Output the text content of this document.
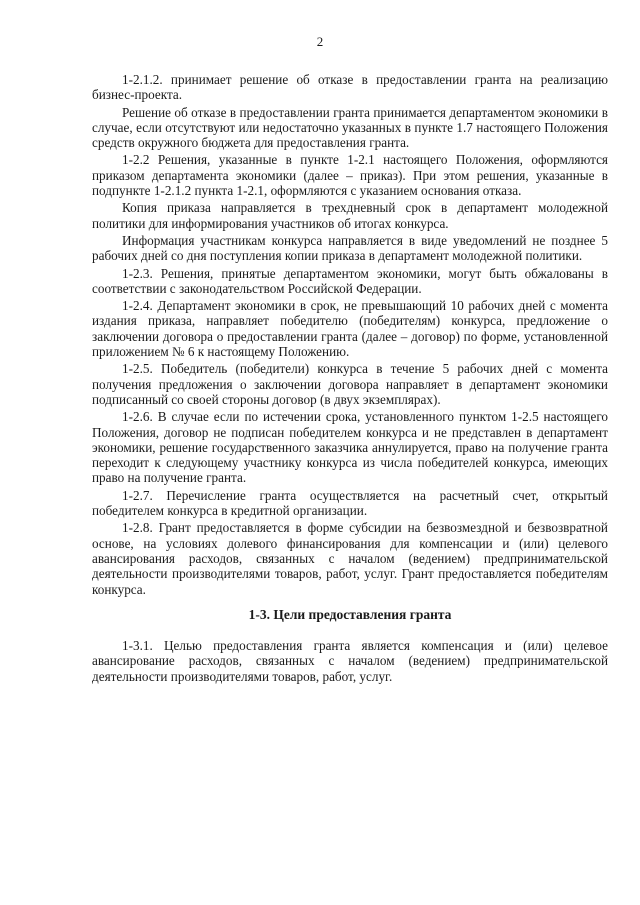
2

1-2.1.2. принимает решение об отказе в предоставлении гранта на реализацию бизнес-проекта.

Решение об отказе в предоставлении гранта принимается департаментом экономики в случае, если отсутствуют или недостаточно указанных в пункте 1.7 настоящего Положения средств окружного бюджета для предоставления гранта.

1-2.2 Решения, указанные в пункте 1-2.1 настоящего Положения, оформляются приказом департамента экономики (далее – приказ). При этом решения, указанные в подпункте 1-2.1.2 пункта 1-2.1, оформляются с указанием основания отказа.

Копия приказа направляется в трехдневный срок в департамент молодежной политики для информирования участников об итогах конкурса.

Информация участникам конкурса направляется в виде уведомлений не позднее 5 рабочих дней со дня поступления копии приказа в департамент молодежной политики.

1-2.3. Решения, принятые департаментом экономики, могут быть обжалованы в соответствии с законодательством Российской Федерации.

1-2.4. Департамент экономики в срок, не превышающий 10 рабочих дней с момента издания приказа, направляет победителю (победителям) конкурса, предложение о заключении договора о предоставлении гранта (далее – договор) по форме, установленной приложением № 6 к настоящему Положению.

1-2.5. Победитель (победители) конкурса в течение 5 рабочих дней с момента получения предложения о заключении договора направляет в департамент экономики подписанный со своей стороны договор (в двух экземплярах).

1-2.6. В случае если по истечении срока, установленного пунктом 1-2.5 настоящего Положения, договор не подписан победителем конкурса и не представлен в департамент экономики, решение государственного заказчика аннулируется, право на получение гранта переходит к следующему участнику конкурса из числа победителей конкурса, имеющих право на получение гранта.

1-2.7. Перечисление гранта осуществляется на расчетный счет, открытый победителем конкурса в кредитной организации.

1-2.8. Грант предоставляется в форме субсидии на безвозмездной и безвозвратной основе, на условиях долевого финансирования для компенсации и (или) целевого авансирования расходов, связанных с началом (ведением) предпринимательской деятельности производителями товаров, работ, услуг. Грант предоставляется победителям конкурса.

1-3. Цели предоставления гранта

1-3.1. Целью предоставления гранта является компенсация и (или) целевое авансирование расходов, связанных с началом (ведением) предпринимательской деятельности производителями товаров, работ, услуг.
